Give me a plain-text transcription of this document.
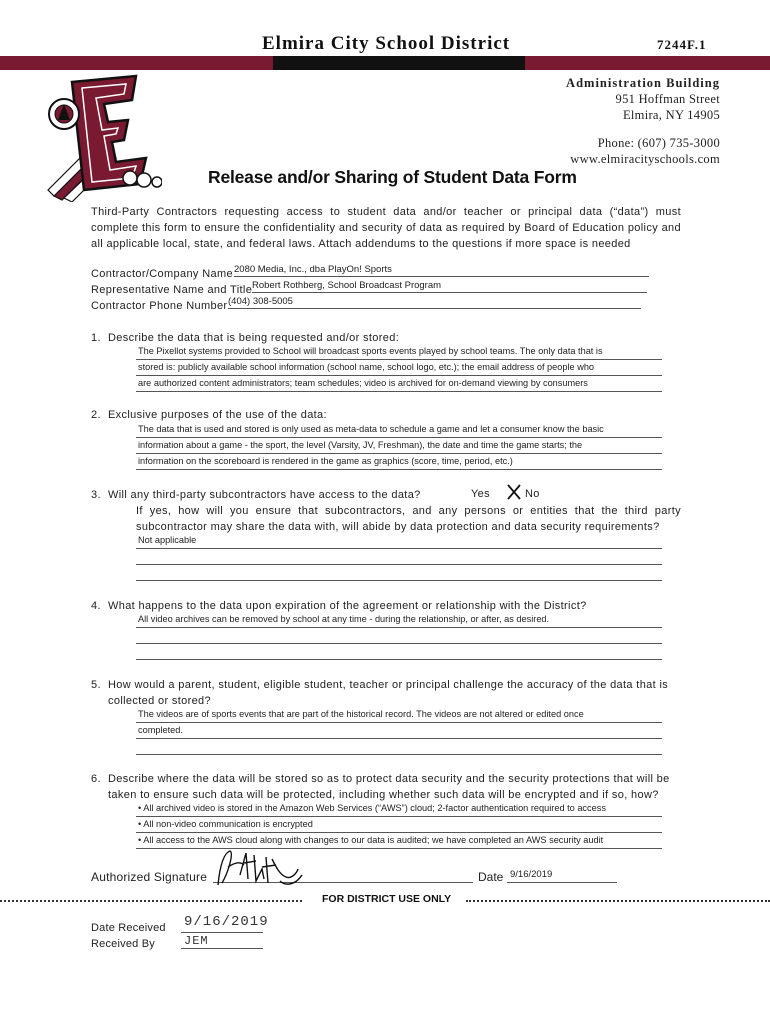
Elmira City School District	7244F.1
Administration Building
951 Hoffman Street
Elmira, NY 14905
Phone: (607) 735-3000
www.elmiracityschools.com
Release and/or Sharing of Student Data Form
Third-Party Contractors requesting access to student data and/or teacher or principal data (“data”) must complete this form to ensure the confidentiality and security of data as required by Board of Education policy and all applicable local, state, and federal laws. Attach addendums to the questions if more space is needed
Contractor/Company Name 2080 Media, Inc., dba PlayOn! Sports
Representative Name and Title Robert Rothberg, School Broadcast Program
Contractor Phone Number (404) 308-5005
1. Describe the data that is being requested and/or stored:
The Pixellot systems provided to School will broadcast sports events played by school teams. The only data that is
stored is: publicly available school information (school name, school logo, etc.); the email address of people who
are authorized content administrators; team schedules; video is archived for on-demand viewing by consumers
2. Exclusive purposes of the use of the data:
The data that is used and stored is only used as meta-data to schedule a game and let a consumer know the basic
information about a game - the sport, the level (Varsity, JV, Freshman), the date and time the game starts; the
information on the scoreboard is rendered in the game as graphics (score, time, period, etc.)
3. Will any third-party subcontractors have access to the data?	Yes	No
If yes, how will you ensure that subcontractors, and any persons or entities that the third party subcontractor may share the data with, will abide by data protection and data security requirements?
Not applicable
4. What happens to the data upon expiration of the agreement or relationship with the District?
All video archives can be removed by school at any time - during the relationship, or after, as desired.
5. How would a parent, student, eligible student, teacher or principal challenge the accuracy of the data that is
collected or stored?
The videos are of sports events that are part of the historical record. The videos are not altered or edited once
completed.
6. Describe where the data will be stored so as to protect data security and the security protections that will be
taken to ensure such data will be protected, including whether such data will be encrypted and if so, how?
• All archived video is stored in the Amazon Web Services (“AWS”) cloud; 2-factor authentication required to access
• All non-video communication is encrypted
• All access to the AWS cloud along with changes to our data is audited; we have completed an AWS security audit
Authorized Signature	Date 9/16/2019
FOR DISTRICT USE ONLY
Date Received 9/16/2019
Received By JEM
